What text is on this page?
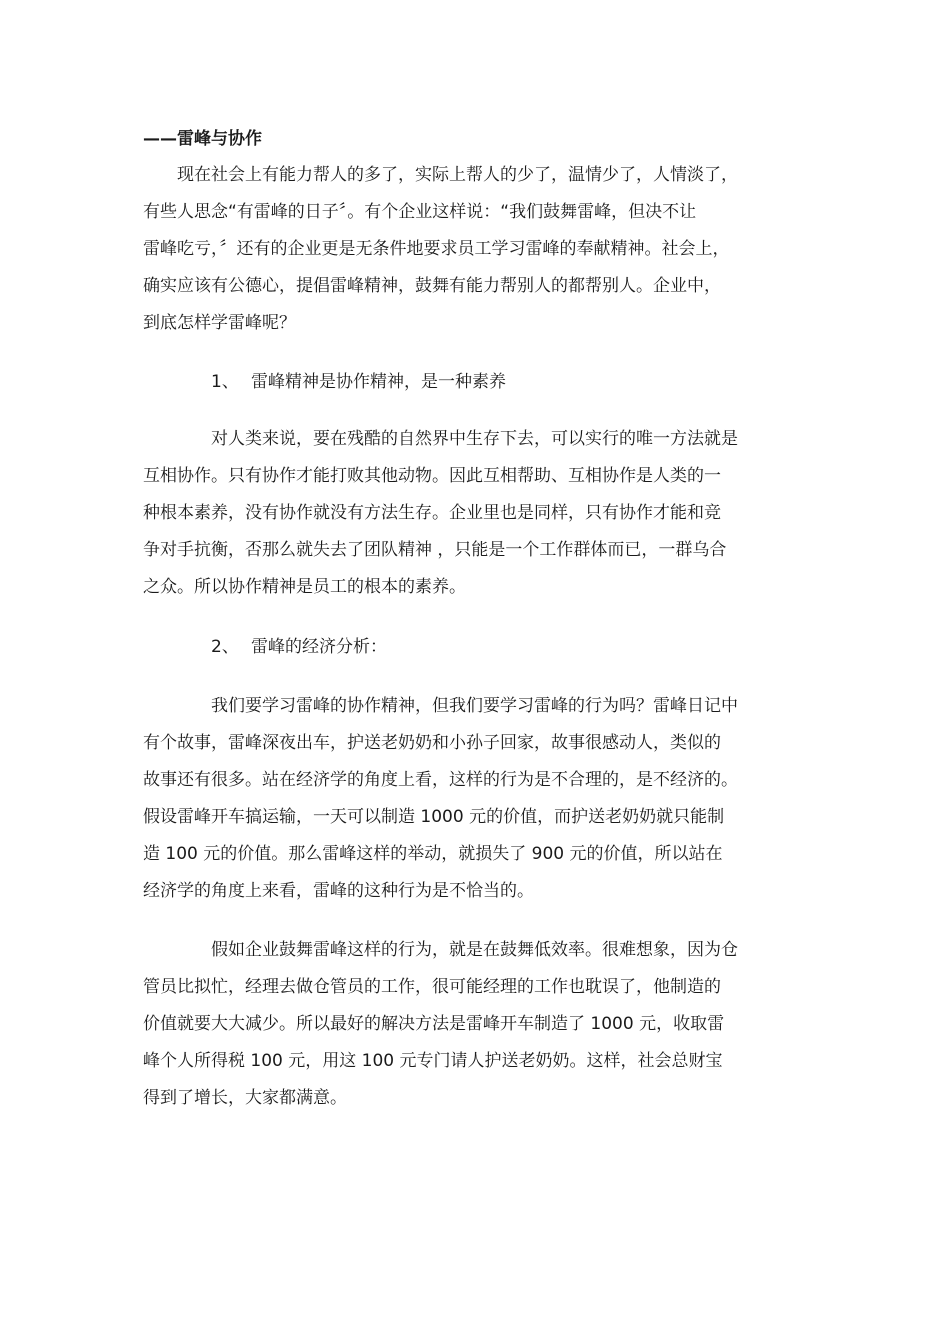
——雷峰与协作
现在社会上有能力帮人的多了，实际上帮人的少了，温情少了，人情淡了，
有些人思念“有雷峰的日子〞。有个企业这样说：“我们鼓舞雷峰，但决不让
雷峰吃亏，〞还有的企业更是无条件地要求员工学习雷峰的奉献精神。社会上，
确实应该有公德心，提倡雷峰精神，鼓舞有能力帮别人的都帮别人。企业中，
到底怎样学雷峰呢？
1、 雷峰精神是协作精神，是一种素养
对人类来说，要在残酷的自然界中生存下去，可以实行的唯一方法就是
互相协作。只有协作才能打败其他动物。因此互相帮助、互相协作是人类的一
种根本素养，没有协作就没有方法生存。企业里也是同样，只有协作才能和竞
争对手抗衡，否那么就失去了团队精神 ，只能是一个工作群体而已，一群乌合
之众。所以协作精神是员工的根本的素养。
2、 雷峰的经济分析：
我们要学习雷峰的协作精神，但我们要学习雷峰的行为吗？雷峰日记中
有个故事，雷峰深夜出车，护送老奶奶和小孙子回家，故事很感动人，类似的
故事还有很多。站在经济学的角度上看，这样的行为是不合理的，是不经济的。
假设雷峰开车搞运输，一天可以制造 1000 元的价值，而护送老奶奶就只能制
造 100 元的价值。那么雷峰这样的举动，就损失了 900 元的价值，所以站在
经济学的角度上来看，雷峰的这种行为是不恰当的。
假如企业鼓舞雷峰这样的行为，就是在鼓舞低效率。很难想象，因为仓
管员比拟忙，经理去做仓管员的工作，很可能经理的工作也耽误了，他制造的
价值就要大大减少。所以最好的解决方法是雷峰开车制造了 1000 元，收取雷
峰个人所得税 100 元，用这 100 元专门请人护送老奶奶。这样，社会总财宝
得到了增长，大家都满意。
